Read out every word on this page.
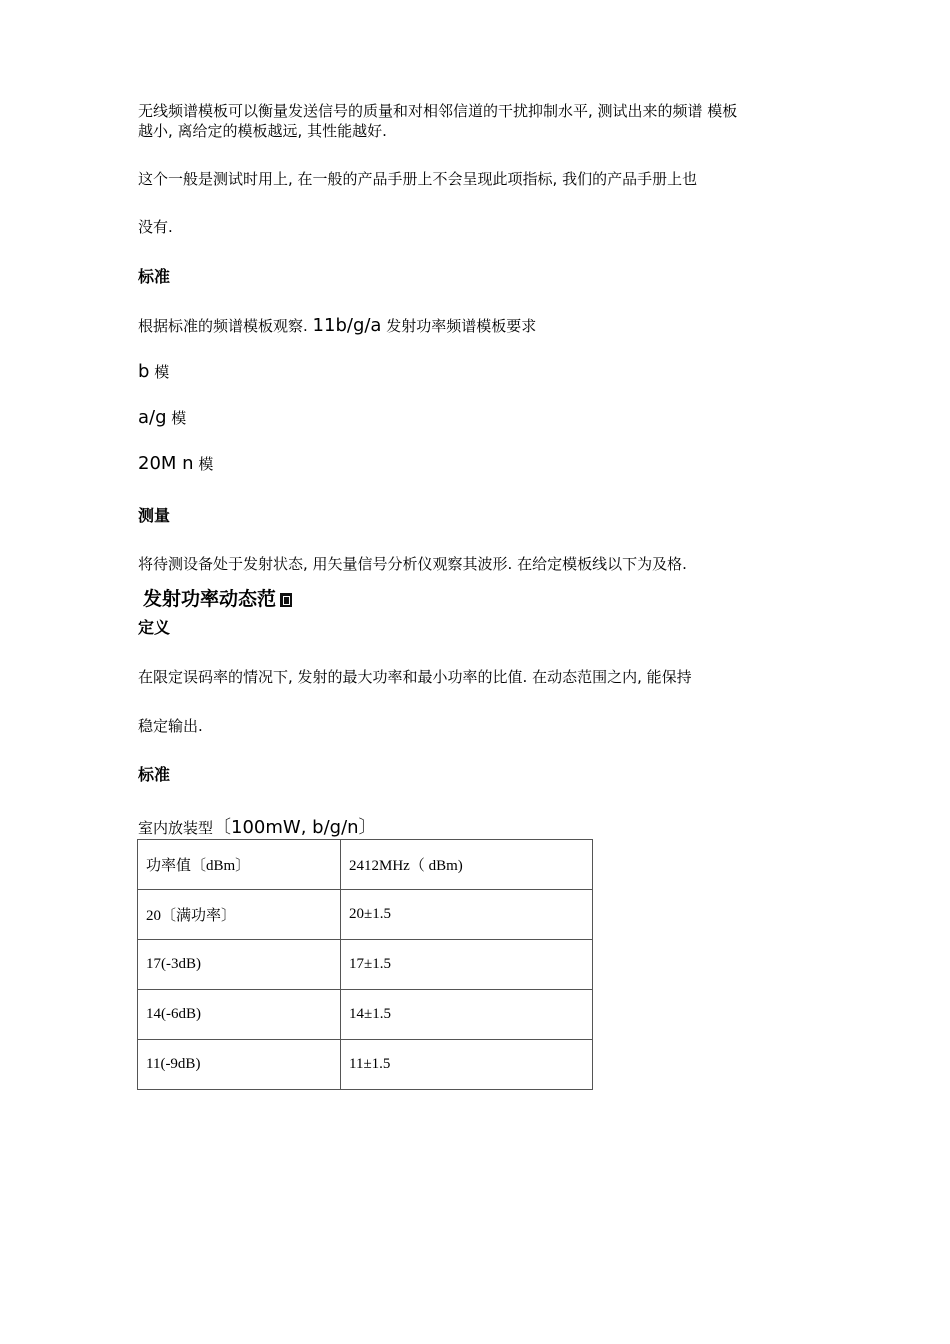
无线频谱模板可以衡量发送信号的质量和对相邻信道的干扰抑制水平, 测试出来的频谱 模板
越小, 离给定的模板越远, 其性能越好.
这个一般是测试时用上, 在一般的产品手册上不会呈现此项指标, 我们的产品手册上也
没有.
标准
根据标准的频谱模板观察. 11b/g/a 发射功率频谱模板要求
b 模
a/g 模
20M n 模
测量
将待测设备处于发射状态, 用矢量信号分析仪观察其波形. 在给定模板线以下为及格.
发射功率动态范
定义
在限定误码率的情况下, 发射的最大功率和最小功率的比值. 在动态范围之内, 能保持
稳定输出.
标准
室内放装型〔100mW, b/g/n〕
功率值〔dBm〕	2412MHz（ dBm)
20〔满功率〕	20±1.5
17(-3dB)	17±1.5
14(-6dB)	14±1.5
11(-9dB)	11±1.5
